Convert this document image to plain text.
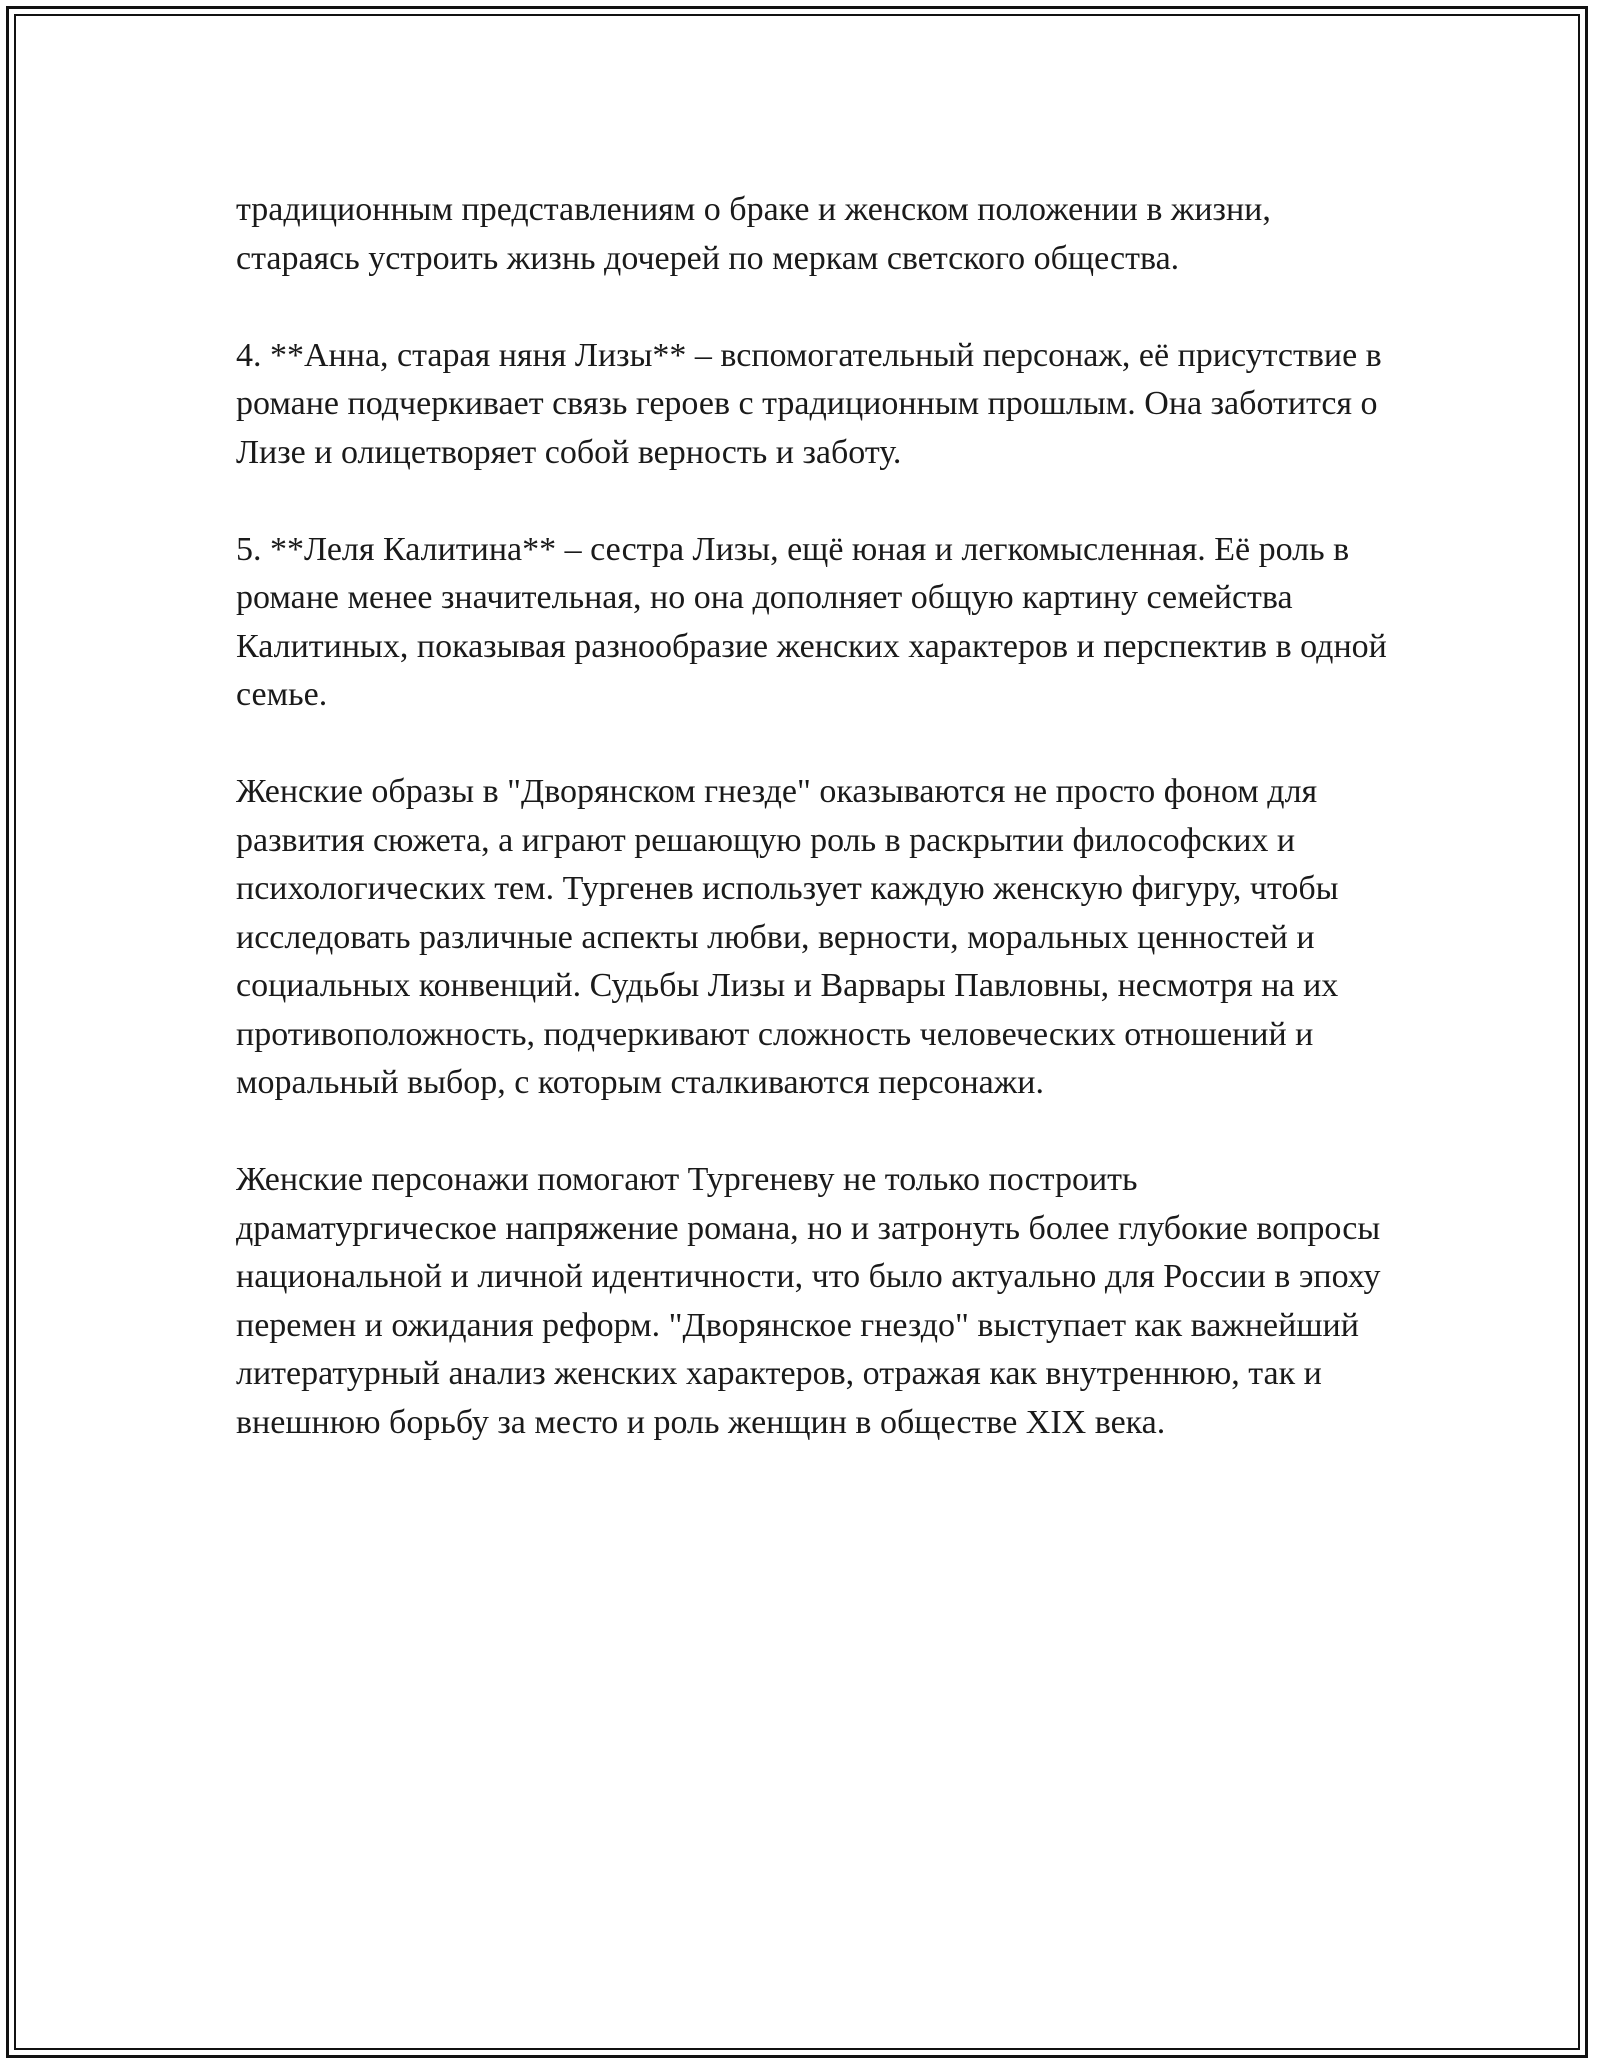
традиционным представлениям о браке и женском положении в жизни, стараясь устроить жизнь дочерей по меркам светского общества.

4. **Анна, старая няня Лизы** – вспомогательный персонаж, её присутствие в романе подчеркивает связь героев с традиционным прошлым. Она заботится о Лизе и олицетворяет собой верность и заботу.

5. **Леля Калитина** – сестра Лизы, ещё юная и легкомысленная. Её роль в романе менее значительная, но она дополняет общую картину семейства Калитиных, показывая разнообразие женских характеров и перспектив в одной семье.

Женские образы в "Дворянском гнезде" оказываются не просто фоном для развития сюжета, а играют решающую роль в раскрытии философских и психологических тем. Тургенев использует каждую женскую фигуру, чтобы исследовать различные аспекты любви, верности, моральных ценностей и социальных конвенций. Судьбы Лизы и Варвары Павловны, несмотря на их противоположность, подчеркивают сложность человеческих отношений и моральный выбор, с которым сталкиваются персонажи.

Женские персонажи помогают Тургеневу не только построить драматургическое напряжение романа, но и затронуть более глубокие вопросы национальной и личной идентичности, что было актуально для России в эпоху перемен и ожидания реформ. "Дворянское гнездо" выступает как важнейший литературный анализ женских характеров, отражая как внутреннюю, так и внешнюю борьбу за место и роль женщин в обществе XIX века.
